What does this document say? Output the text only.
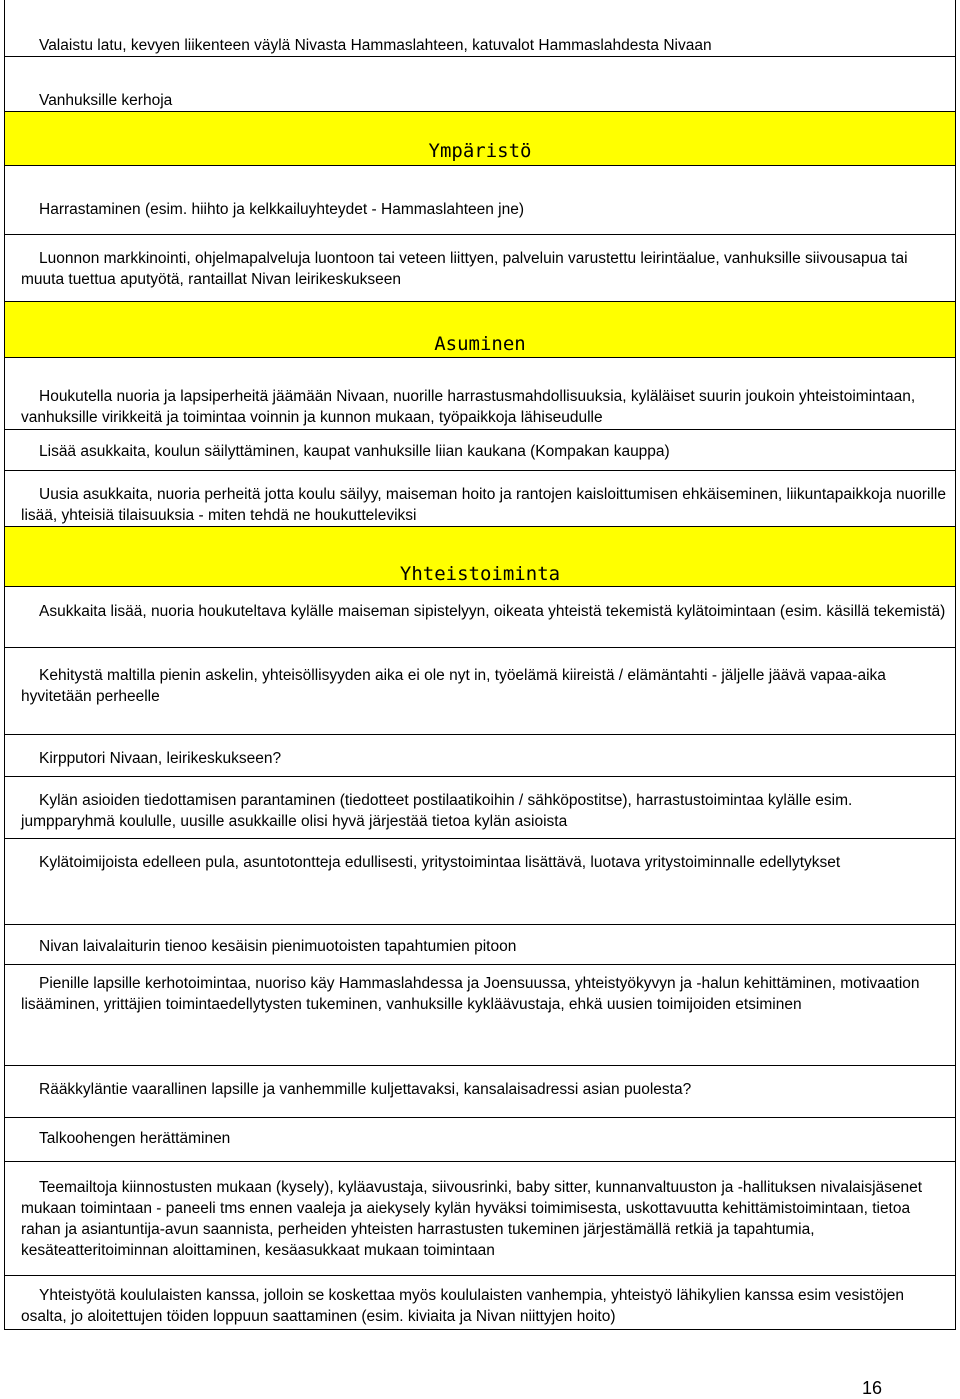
Valaistu latu, kevyen liikenteen väylä Nivasta Hammaslahteen, katuvalot Hammaslahdesta Nivaan
Vanhuksille kerhoja
Ympäristö
Harrastaminen (esim. hiihto ja kelkkailuyhteydet - Hammaslahteen jne)
Luonnon markkinointi, ohjelmapalveluja luontoon tai veteen liittyen, palveluin varustettu leirintäalue, vanhuksille siivousapua tai muuta tuettua aputyötä, rantaillat Nivan leirikeskukseen
Asuminen
Houkutella nuoria ja lapsiperheitä jäämään Nivaan, nuorille harrastusmahdollisuuksia, kyläläiset suurin joukoin yhteistoimintaan, vanhuksille virikkeitä ja toimintaa voinnin ja kunnon mukaan, työpaikkoja lähiseudulle
Lisää asukkaita, koulun säilyttäminen, kaupat vanhuksille liian kaukana (Kompakan kauppa)
Uusia asukkaita, nuoria perheitä jotta koulu säilyy, maiseman hoito ja rantojen kaisloittumisen ehkäiseminen, liikuntapaikkoja nuorille lisää, yhteisiä tilaisuuksia - miten tehdä ne houkutteleviksi
Yhteistoiminta
Asukkaita lisää, nuoria houkuteltava kylälle maiseman sipistelyyn, oikeata yhteistä tekemistä kylätoimintaan (esim. käsillä tekemistä)
Kehitystä maltilla pienin askelin, yhteisöllisyyden aika ei ole nyt in, työelämä kiireistä / elämäntahti - jäljelle jäävä vapaa-aika hyvitetään perheelle
Kirpputori Nivaan, leirikeskukseen?
Kylän asioiden tiedottamisen parantaminen (tiedotteet postilaatikoihin / sähköpostitse), harrastustoimintaa kylälle esim. jumpparyhmä koululle, uusille asukkaille olisi hyvä järjestää tietoa kylän asioista
Kylätoimijoista edelleen pula, asuntotontteja edullisesti, yritystoimintaa lisättävä, luotava yritystoiminnalle edellytykset
Nivan laivalaiturin tienoo kesäisin pienimuotoisten tapahtumien pitoon
Pienille lapsille kerhotoimintaa, nuoriso käy Hammaslahdessa ja Joensuussa, yhteistyökyvyn ja -halun kehittäminen, motivaation lisääminen, yrittäjien toimintaedellytysten tukeminen, vanhuksille kykläävustaja, ehkä uusien toimijoiden etsiminen
Rääkkyläntie vaarallinen lapsille ja vanhemmille kuljettavaksi, kansalaisadressi asian puolesta?
Talkoohengen herättäminen
Teemailtoja kiinnostusten mukaan (kysely), kyläavustaja, siivousrinki, baby sitter, kunnanvaltuuston ja -hallituksen nivalaisjäsenet mukaan toimintaan - paneeli tms ennen vaaleja ja aiekysely kylän hyväksi toimimisesta, uskottavuutta kehittämistoimintaan, tietoa rahan ja asiantuntija-avun saannista, perheiden yhteisten harrastusten tukeminen järjestämällä retkiä ja tapahtumia, kesäteatteritoiminnan aloittaminen, kesäasukkaat mukaan toimintaan
Yhteistyötä koululaisten kanssa, jolloin se koskettaa myös koululaisten vanhempia, yhteistyö lähikylien kanssa esim vesistöjen osalta, jo aloitettujen töiden loppuun saattaminen (esim. kiviaita ja Nivan niittyjen hoito)
16
